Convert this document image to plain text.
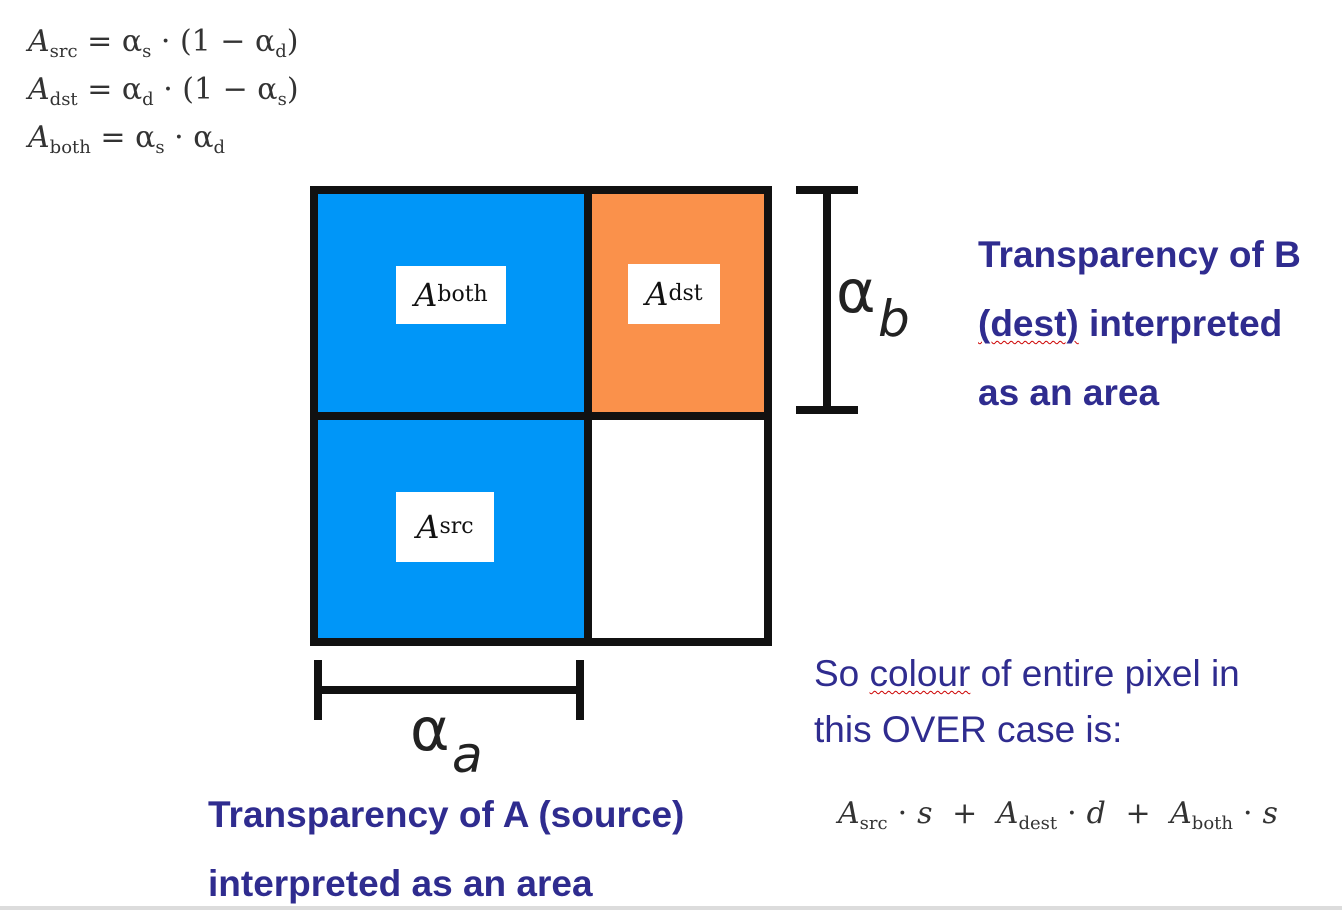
$A_{src} = \alpha_s \cdot (1 - \alpha_d)$
$A_{dst} = \alpha_d \cdot (1 - \alpha_s)$
$A_{both} = \alpha_s \cdot \alpha_d$
A both	A dst
A src
α b
α a
Transparency of B
(dest) interpreted
as an area
Transparency of A (source)
interpreted as an area
So colour of entire pixel in
this OVER case is:
$A_{src} \cdot s + A_{dest} \cdot d + A_{both} \cdot s$
